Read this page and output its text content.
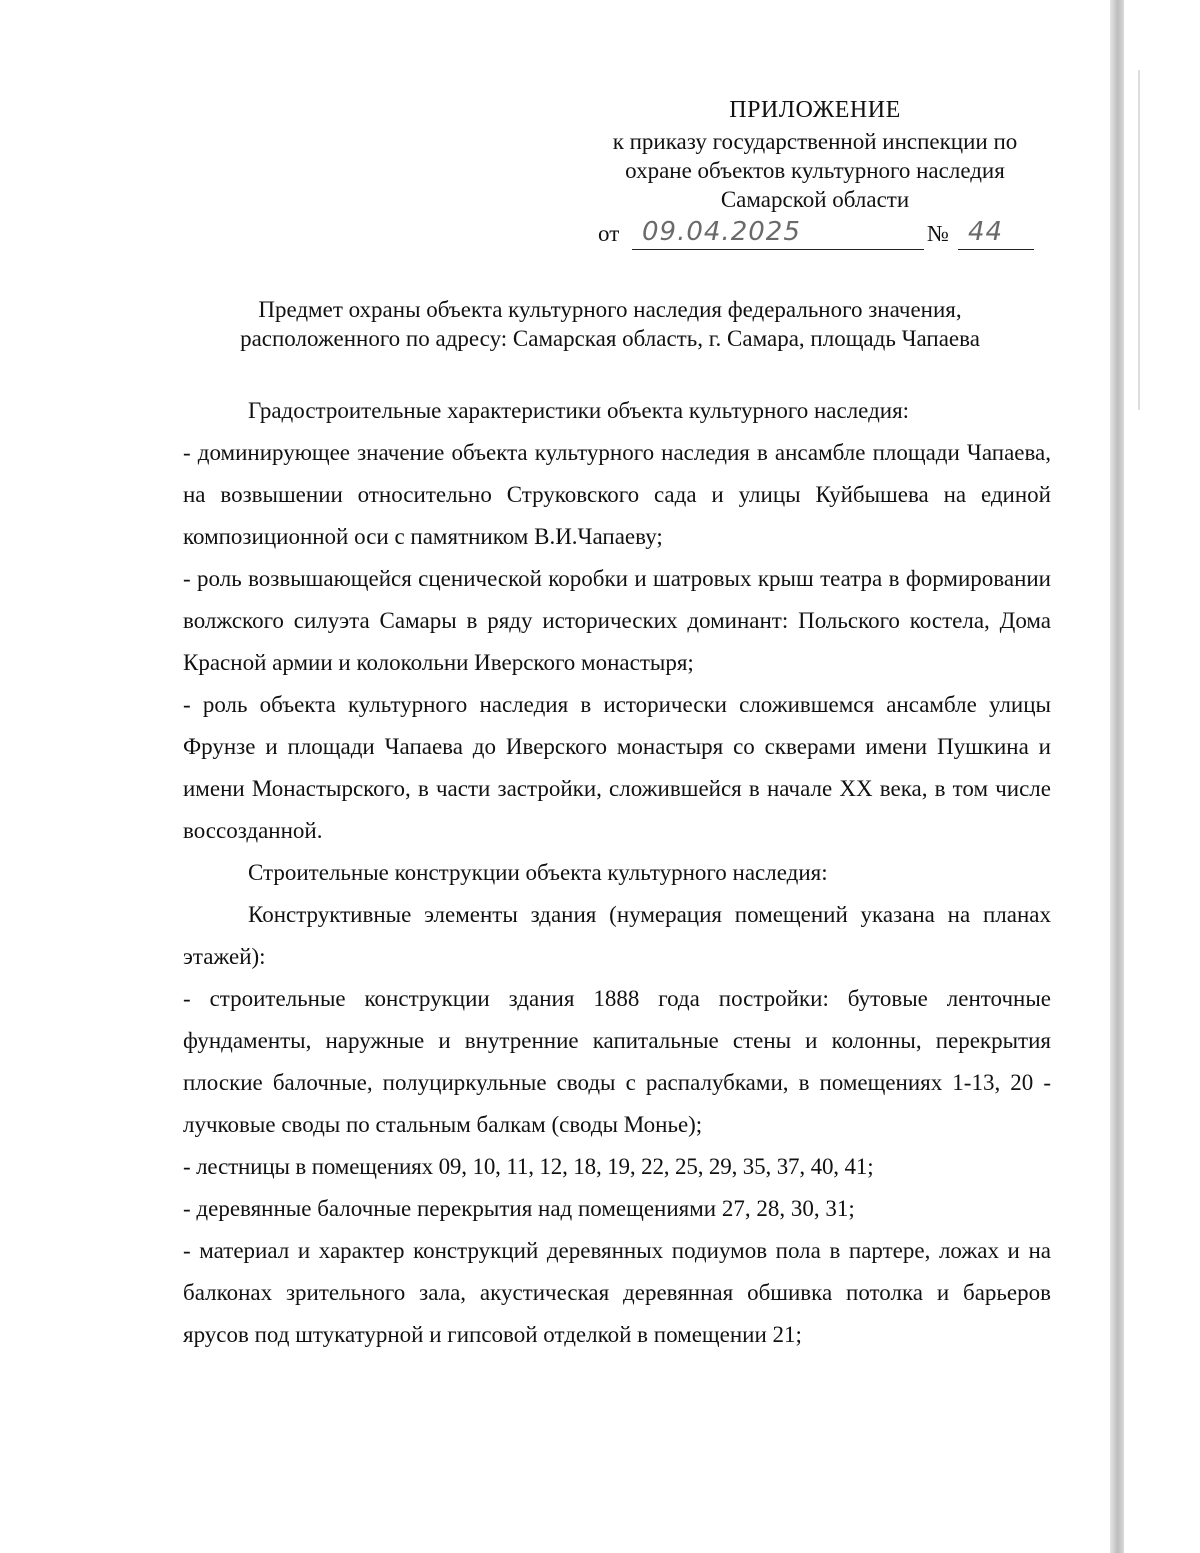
ПРИЛОЖЕНИЕ
к приказу государственной инспекции по
охране объектов культурного наследия
Самарской области
от 09.04.2025	№ 44
Предмет охраны объекта культурного наследия федерального значения,
расположенного по адресу: Самарская область, г. Самара, площадь Чапаева

Градостроительные характеристики объекта культурного наследия:

- доминирующее значение объекта культурного наследия в ансамбле площади Чапаева, на возвышении относительно Струковского сада и улицы Куйбышева на единой композиционной оси с памятником В.И.Чапаеву;

- роль возвышающейся сценической коробки и шатровых крыш театра в формировании волжского силуэта Самары в ряду исторических доминант: Польского костела, Дома Красной армии и колокольни Иверского монастыря;

- роль объекта культурного наследия в исторически сложившемся ансамбле улицы Фрунзе и площади Чапаева до Иверского монастыря со скверами имени Пушкина и имени Монастырского, в части застройки, сложившейся в начале XX века, в том числе воссозданной.

Строительные конструкции объекта культурного наследия:

Конструктивные элементы здания (нумерация помещений указана на планах этажей):

- строительные конструкции здания 1888 года постройки: бутовые ленточные фундаменты, наружные и внутренние капитальные стены и колонны, перекрытия плоские балочные, полуциркульные своды с распалубками, в помещениях 1-13, 20 - лучковые своды по стальным балкам (своды Монье);

- лестницы в помещениях 09, 10, 11, 12, 18, 19, 22, 25, 29, 35, 37, 40, 41;

- деревянные балочные перекрытия над помещениями 27, 28, 30, 31;

- материал и характер конструкций деревянных подиумов пола в партере, ложах и на балконах зрительного зала, акустическая деревянная обшивка потолка и барьеров ярусов под штукатурной и гипсовой отделкой в помещении 21;
